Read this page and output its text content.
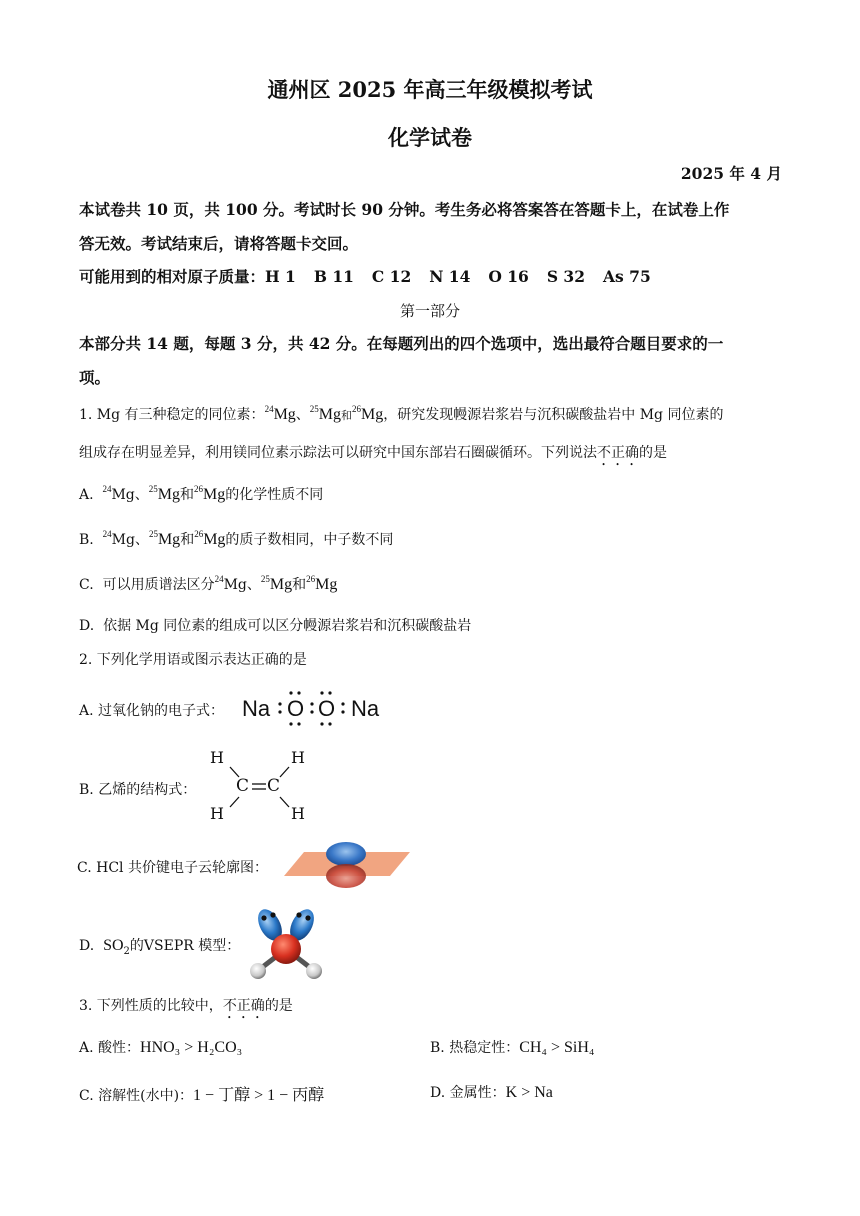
通州区 2025 年高三年级模拟考试
化学试卷
2025 年 4 月
本试卷共 10 页，共 100 分。考试时长 90 分钟。考生务必将答案答在答题卡上，在试卷上作
答无效。考试结束后，请将答题卡交回。
可能用到的相对原子质量：H 1 B 11 C 12 N 14 O 16 S 32 As 75
第一部分
本部分共 14 题，每题 3 分，共 42 分。在每题列出的四个选项中，选出最符合题目要求的一
项。
1. Mg 有三种稳定的同位素：$^{24}$Mg、$^{25}$Mg和$^{26}$Mg，研究发现幔源岩浆岩与沉积碳酸盐岩中 Mg 同位素的
组成存在明显差异，利用镁同位素示踪法可以研究中国东部岩石圈碳循环。下列说法不正确的是
A. $^{24}$Mg、$^{25}$Mg和$^{26}$Mg的化学性质不同
B. $^{24}$Mg、$^{25}$Mg和$^{26}$Mg的质子数相同，中子数不同
C. 可以用质谱法区分$^{24}$Mg、$^{25}$Mg和$^{26}$Mg
D. 依据 Mg 同位素的组成可以区分幔源岩浆岩和沉积碳酸盐岩
2. 下列化学用语或图示表达正确的是
A. 过氧化钠的电子式： Na O O Na
B. 乙烯的结构式：
H	H
H	H
C C
C. HCl 共价键电子云轮廓图：
D. $SO_2$的VSEPR 模型：
3. 下列性质的比较中，不正确的是
A. 酸性：HNO₃ > H₂CO₃	B. 热稳定性：CH₄ > SiH₄
C. 溶解性(水中)：1 − 丁醇 > 1 − 丙醇	D. 金属性：K > Na
